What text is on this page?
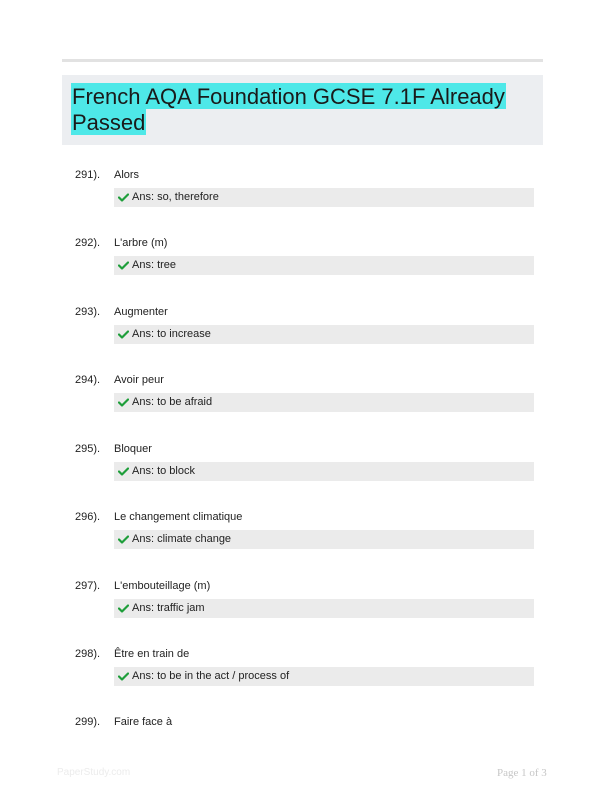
French AQA Foundation GCSE 7.1F Already Passed
291). Alors
Ans: so, therefore
292). L'arbre (m)
Ans: tree
293). Augmenter
Ans: to increase
294). Avoir peur
Ans: to be afraid
295). Bloquer
Ans: to block
296). Le changement climatique
Ans: climate change
297). L'embouteillage (m)
Ans: traffic jam
298). Être en train de
Ans: to be in the act / process of
299). Faire face à
PaperStudy.com	Page 1 of 3
